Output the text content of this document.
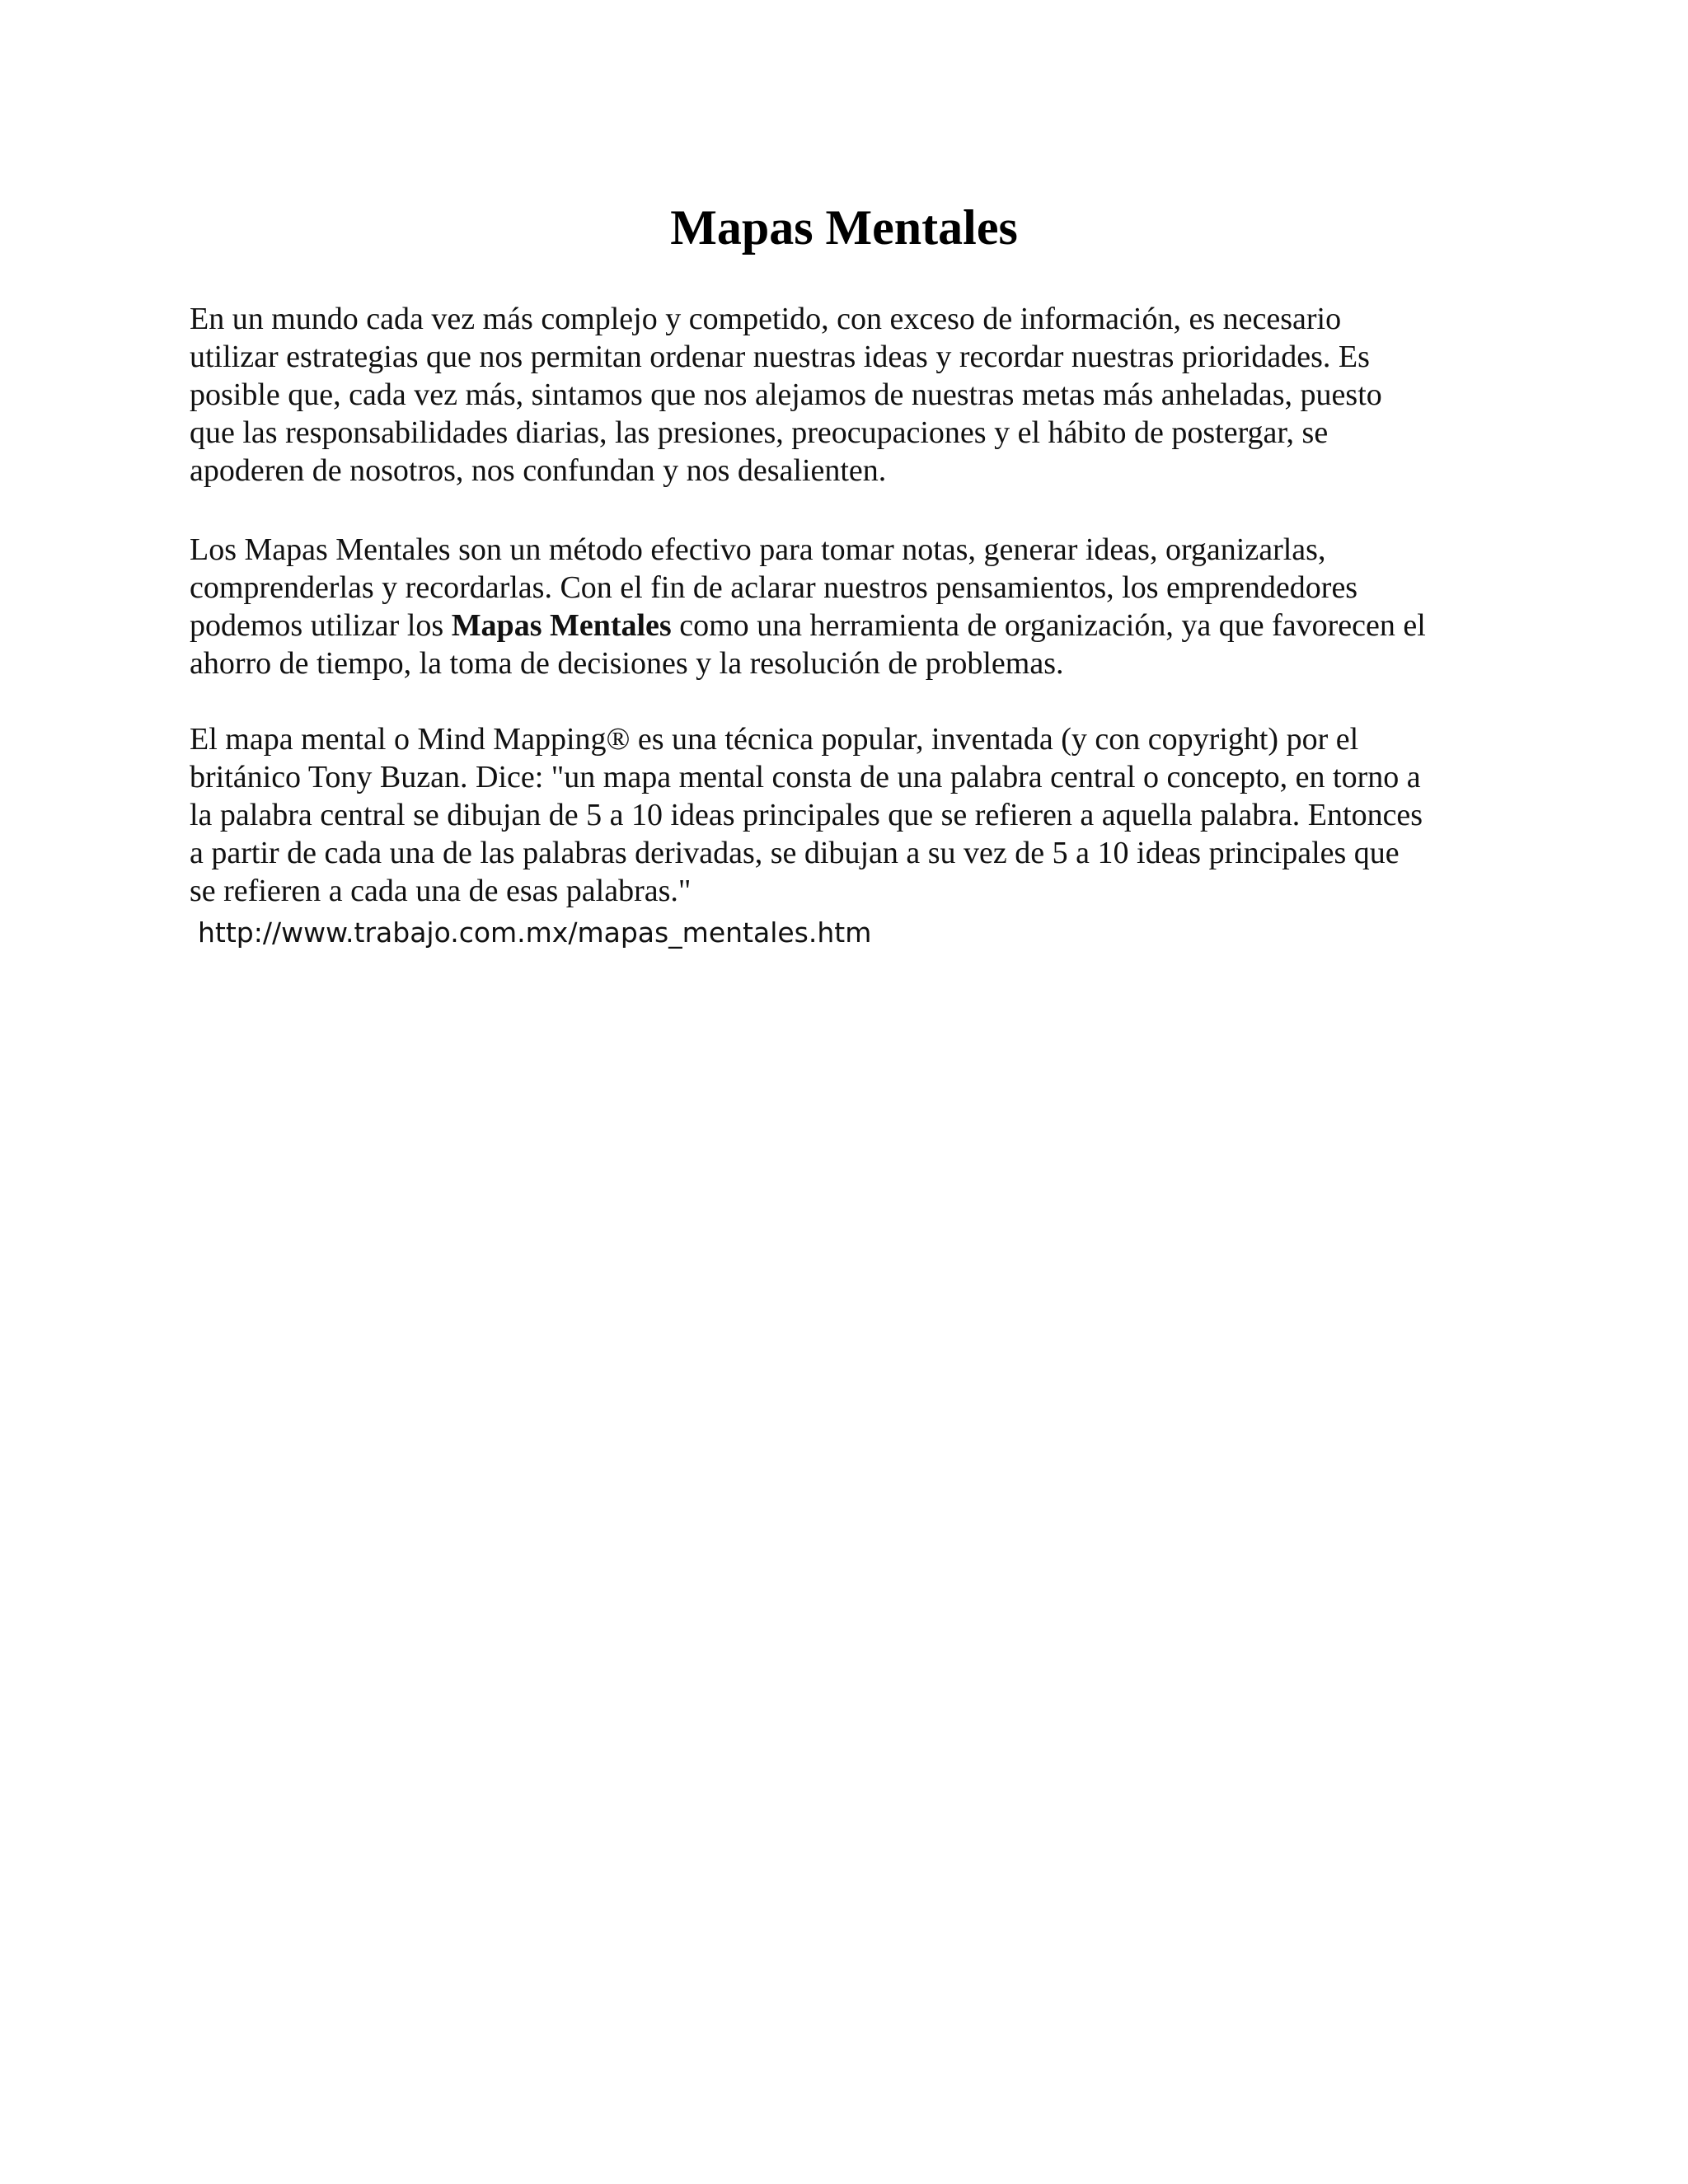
Mapas Mentales

En un mundo cada vez más complejo y competido, con exceso de información, es necesario
utilizar estrategias que nos permitan ordenar nuestras ideas y recordar nuestras prioridades. Es
posible que, cada vez más, sintamos que nos alejamos de nuestras metas más anheladas, puesto
que las responsabilidades diarias, las presiones, preocupaciones y el hábito de postergar, se
apoderen de nosotros, nos confundan y nos desalienten.

Los Mapas Mentales son un método efectivo para tomar notas, generar ideas, organizarlas,
comprenderlas y recordarlas. Con el fin de aclarar nuestros pensamientos, los emprendedores
podemos utilizar los Mapas Mentales como una herramienta de organización, ya que favorecen el
ahorro de tiempo, la toma de decisiones y la resolución de problemas.

El mapa mental o Mind Mapping® es una técnica popular, inventada (y con copyright) por el
británico Tony Buzan. Dice: "un mapa mental consta de una palabra central o concepto, en torno a
la palabra central se dibujan de 5 a 10 ideas principales que se refieren a aquella palabra. Entonces
a partir de cada una de las palabras derivadas, se dibujan a su vez de 5 a 10 ideas principales que
se refieren a cada una de esas palabras."

http://www.trabajo.com.mx/mapas_mentales.htm
